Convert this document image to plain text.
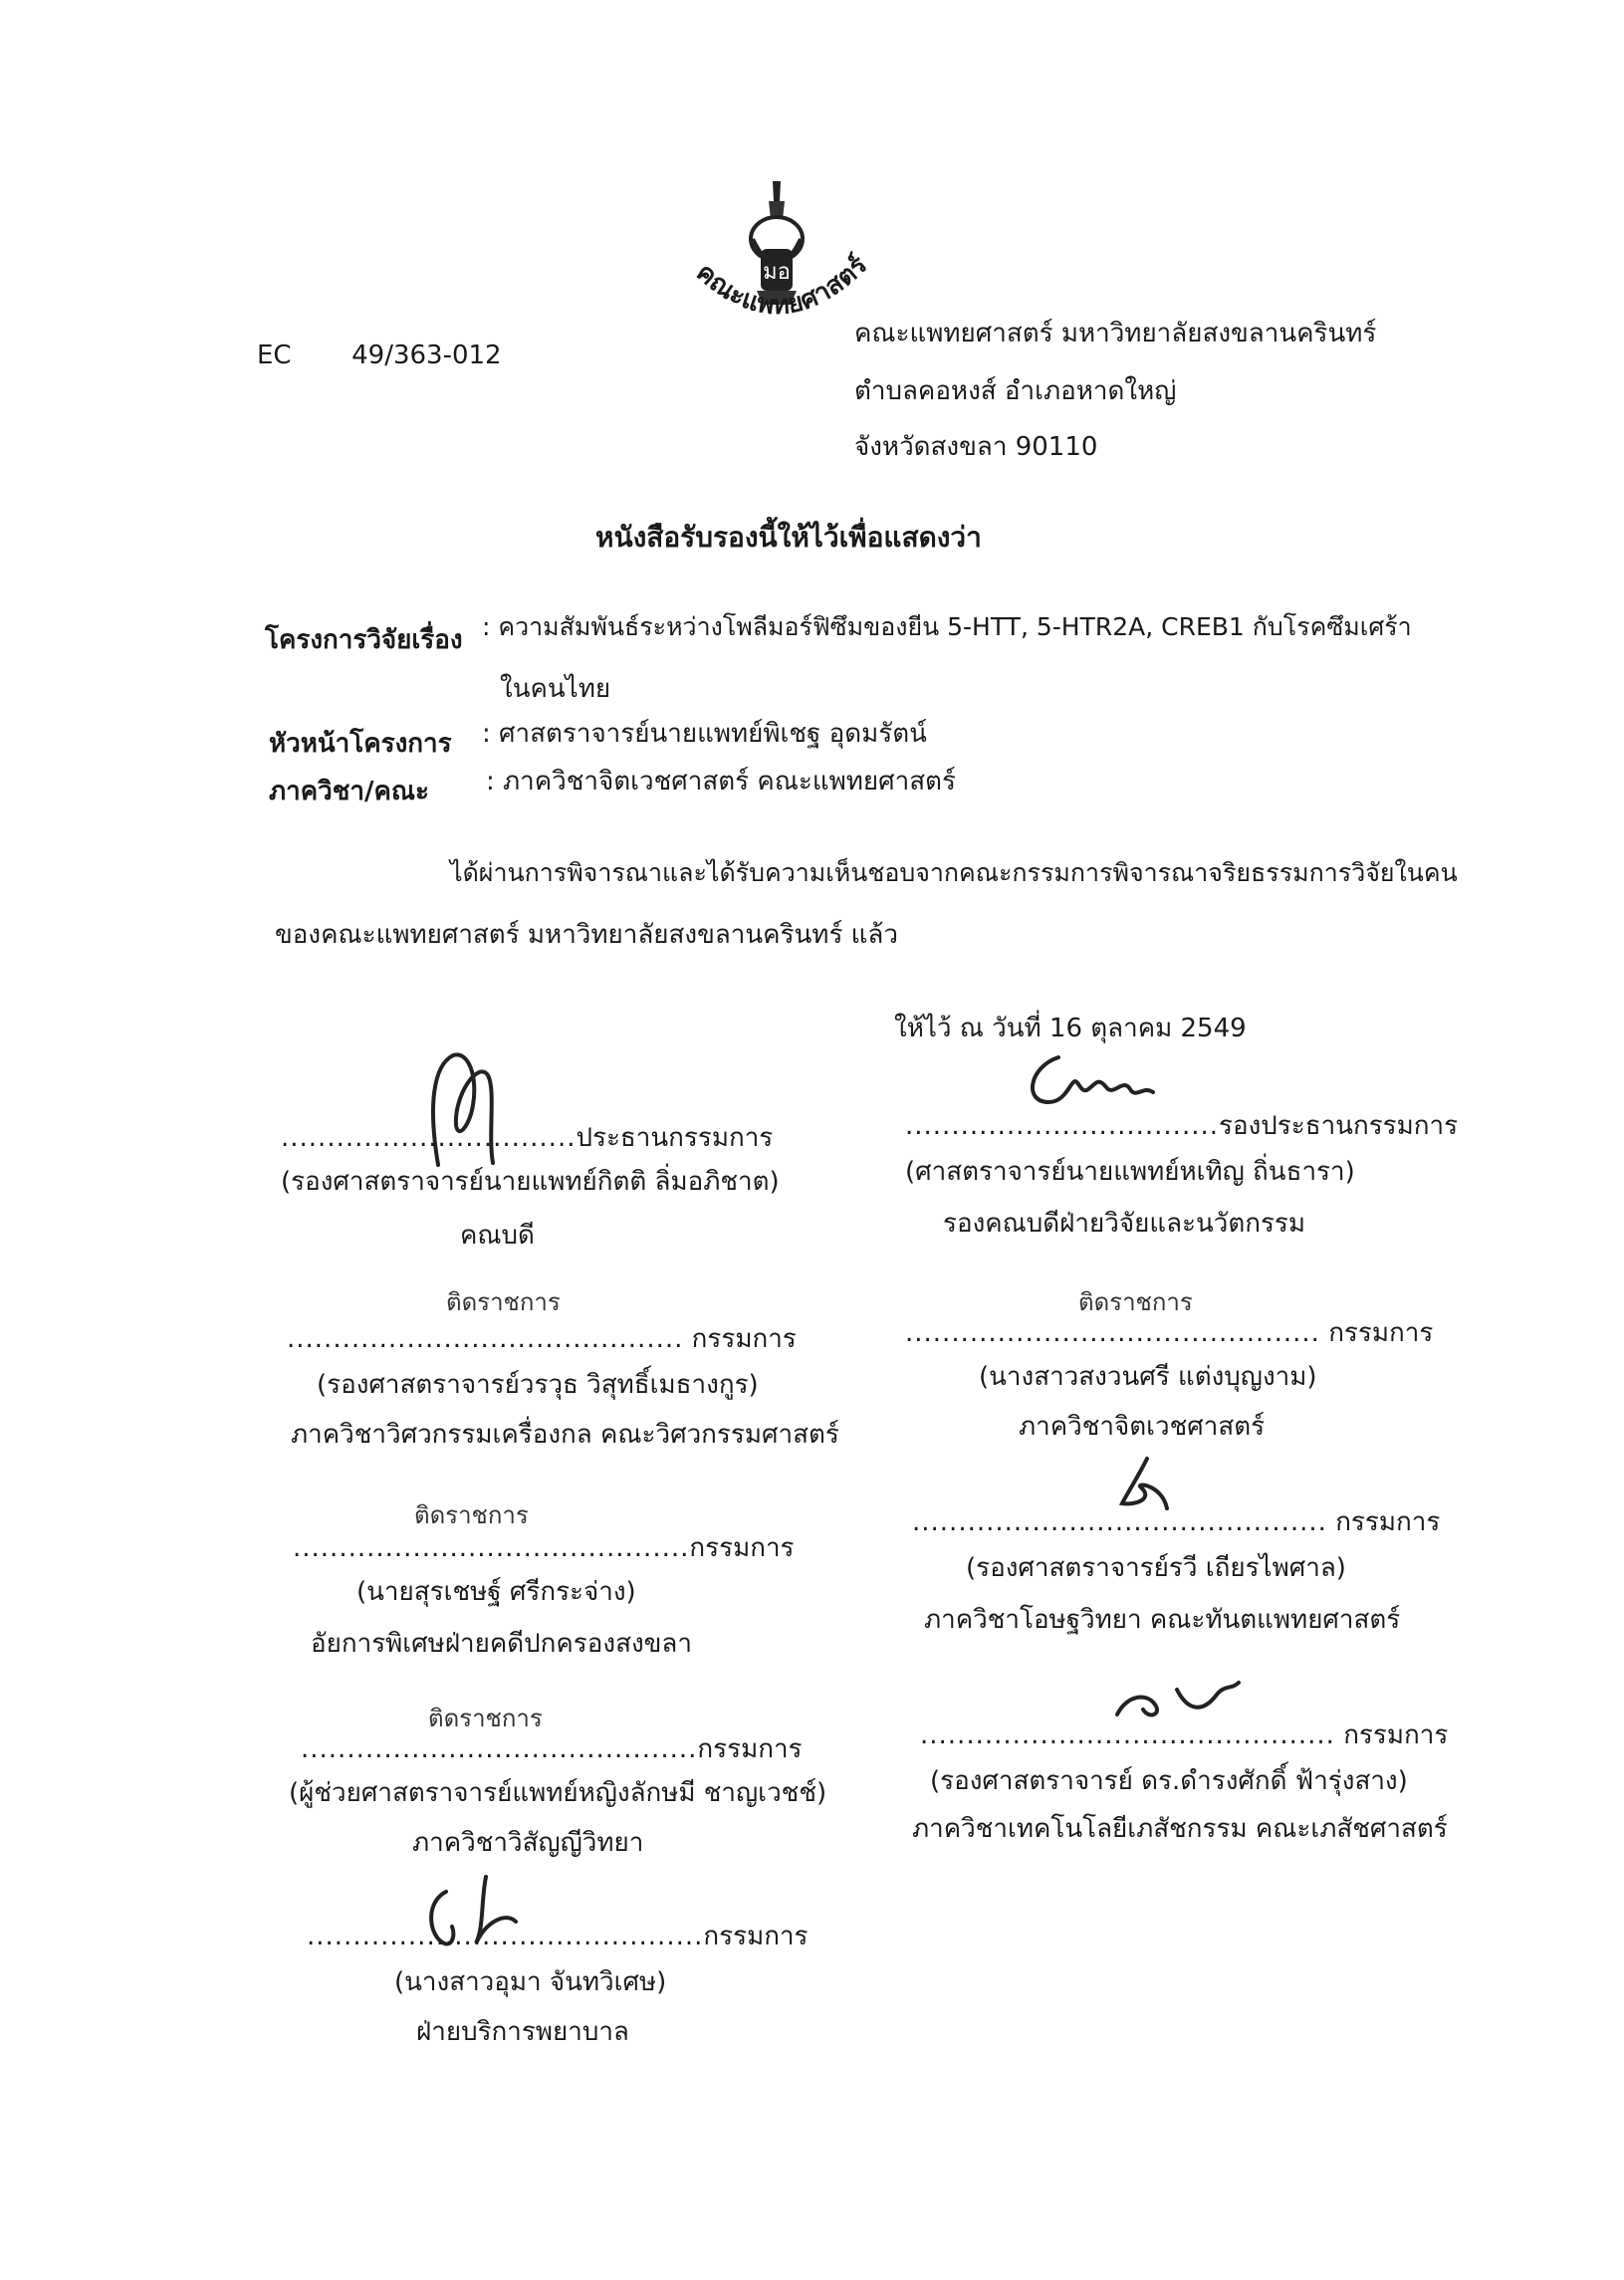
EC 49/363-012
มอ
คณะแพทยศาสตร์
คณะแพทยศาสตร์ มหาวิทยาลัยสงขลานครินทร์
ตำบลคอหงส์ อำเภอหาดใหญ่
จังหวัดสงขลา 90110
หนังสือรับรองนี้ให้ไว้เพื่อแสดงว่า
โครงการวิจัยเรื่อง : ความสัมพันธ์ระหว่างโพลีมอร์ฟิซึมของยีน 5-HTT, 5-HTR2A, CREB1 กับโรคซึมเศร้า
ในคนไทย
หัวหน้าโครงการ : ศาสตราจารย์นายแพทย์พิเชฐ อุดมรัตน์
ภาควิชา/คณะ : ภาควิชาจิตเวชศาสตร์ คณะแพทยศาสตร์
ได้ผ่านการพิจารณาและได้รับความเห็นชอบจากคณะกรรมการพิจารณาจริยธรรมการวิจัยในคน
ของคณะแพทยศาสตร์ มหาวิทยาลัยสงขลานครินทร์ แล้ว
ให้ไว้ ณ วันที่ 16 ตุลาคม 2549
................................ประธานกรรมการ
(รองศาสตราจารย์นายแพทย์กิตติ ลิ่มอภิชาต)
คณบดี
..................................รองประธานกรรมการ
(ศาสตราจารย์นายแพทย์หเทิญ ถิ่นธารา)
รองคณบดีฝ่ายวิจัยและนวัตกรรม
ติดราชการ
........................................... กรรมการ
(รองศาสตราจารย์วรวุธ วิสุทธิ์เมธางกูร)
ภาควิชาวิศวกรรมเครื่องกล คณะวิศวกรรมศาสตร์
ติดราชการ
...........................................กรรมการ
(นายสุรเชษฐ์ ศรีกระจ่าง)
อัยการพิเศษฝ่ายคดีปกครองสงขลา
ติดราชการ
...........................................กรรมการ
(ผู้ช่วยศาสตราจารย์แพทย์หญิงลักษมี ชาญเวชช์)
ภาควิชาวิสัญญีวิทยา
...........................................กรรมการ
(นางสาวอุมา จันทวิเศษ)
ฝ่ายบริการพยาบาล
ติดราชการ
............................................. กรรมการ
(นางสาวสงวนศรี แต่งบุญงาม)
ภาควิชาจิตเวชศาสตร์
............................................. กรรมการ
(รองศาสตราจารย์รวี เถียรไพศาล)
ภาควิชาโอษฐวิทยา คณะทันตแพทยศาสตร์
............................................. กรรมการ
(รองศาสตราจารย์ ดร.ดำรงศักดิ์ ฟ้ารุ่งสาง)
ภาควิชาเทคโนโลยีเภสัชกรรม คณะเภสัชศาสตร์
